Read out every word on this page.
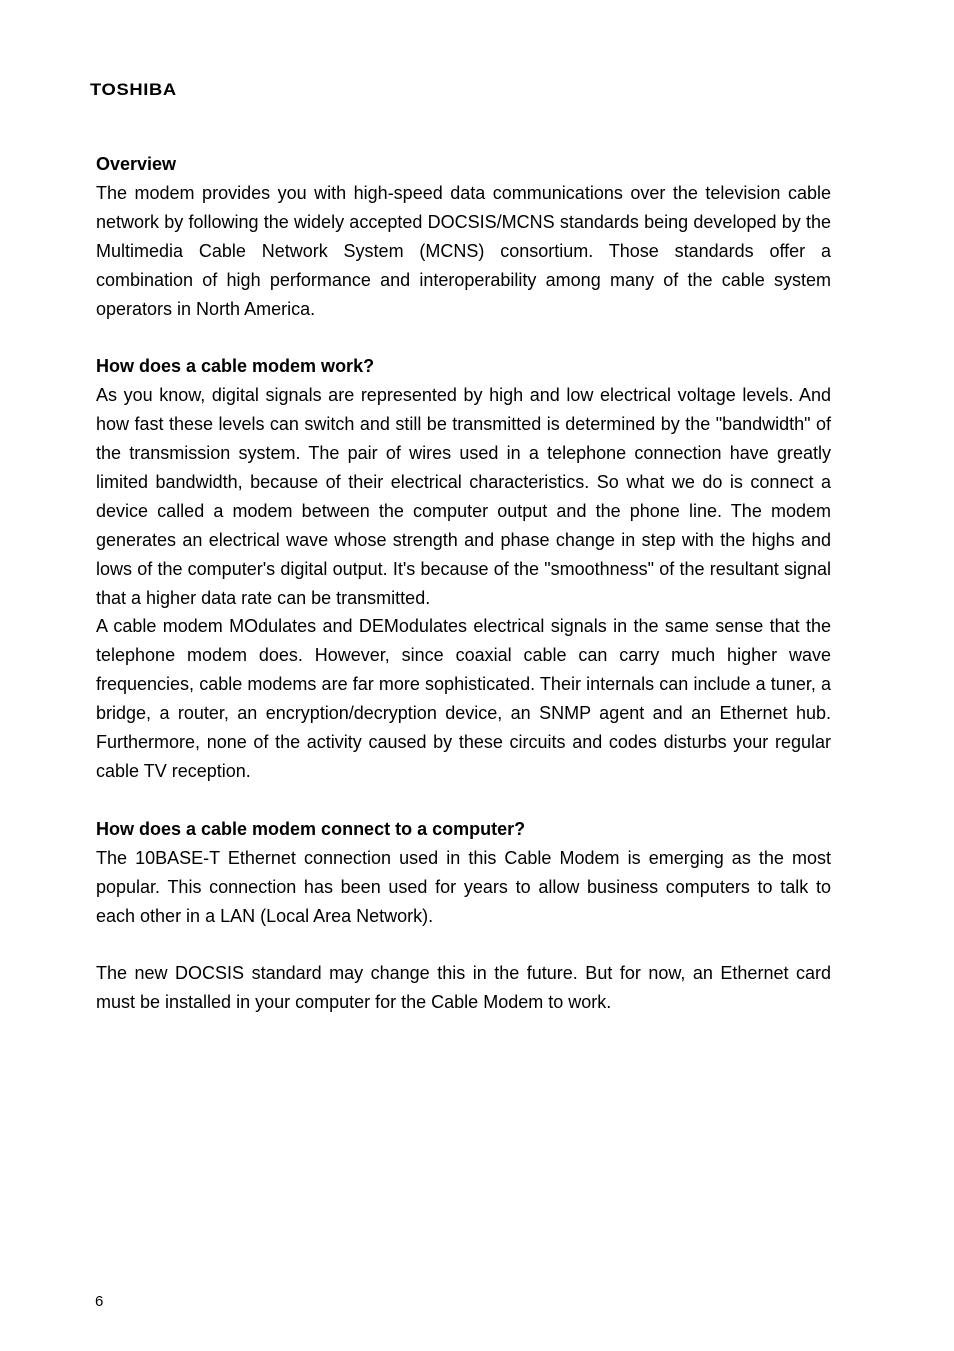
TOSHIBA
Overview

The modem provides you with high-speed data communications over the television cable network by following the widely accepted DOCSIS/MCNS standards being developed by the Multimedia Cable Network System (MCNS) consortium. Those standards offer a combination of high performance and interoperability among many of the cable system operators in North America.

How does a cable modem work?

As you know, digital signals are represented by high and low electrical voltage levels. And how fast these levels can switch and still be transmitted is determined by the "bandwidth" of the transmission system. The pair of wires used in a telephone connection have greatly limited bandwidth, because of their electrical characteristics. So what we do is connect a device called a modem between the computer output and the phone line. The modem generates an electrical wave whose strength and phase change in step with the highs and lows of the computer's digital output. It's because of the "smoothness" of the resultant signal that a higher data rate can be transmitted.

A cable modem MOdulates and DEModulates electrical signals in the same sense that the telephone modem does. However, since coaxial cable can carry much higher wave frequencies, cable modems are far more sophisticated. Their internals can include a tuner, a bridge, a router, an encryption/decryption device, an SNMP agent and an Ethernet hub. Furthermore, none of the activity caused by these circuits and codes disturbs your regular cable TV reception.

How does a cable modem connect to a computer?

The 10BASE-T Ethernet connection used in this Cable Modem is emerging as the most popular. This connection has been used for years to allow business computers to talk to each other in a LAN (Local Area Network).

The new DOCSIS standard may change this in the future. But for now, an Ethernet card must be installed in your computer for the Cable Modem to work.

6
